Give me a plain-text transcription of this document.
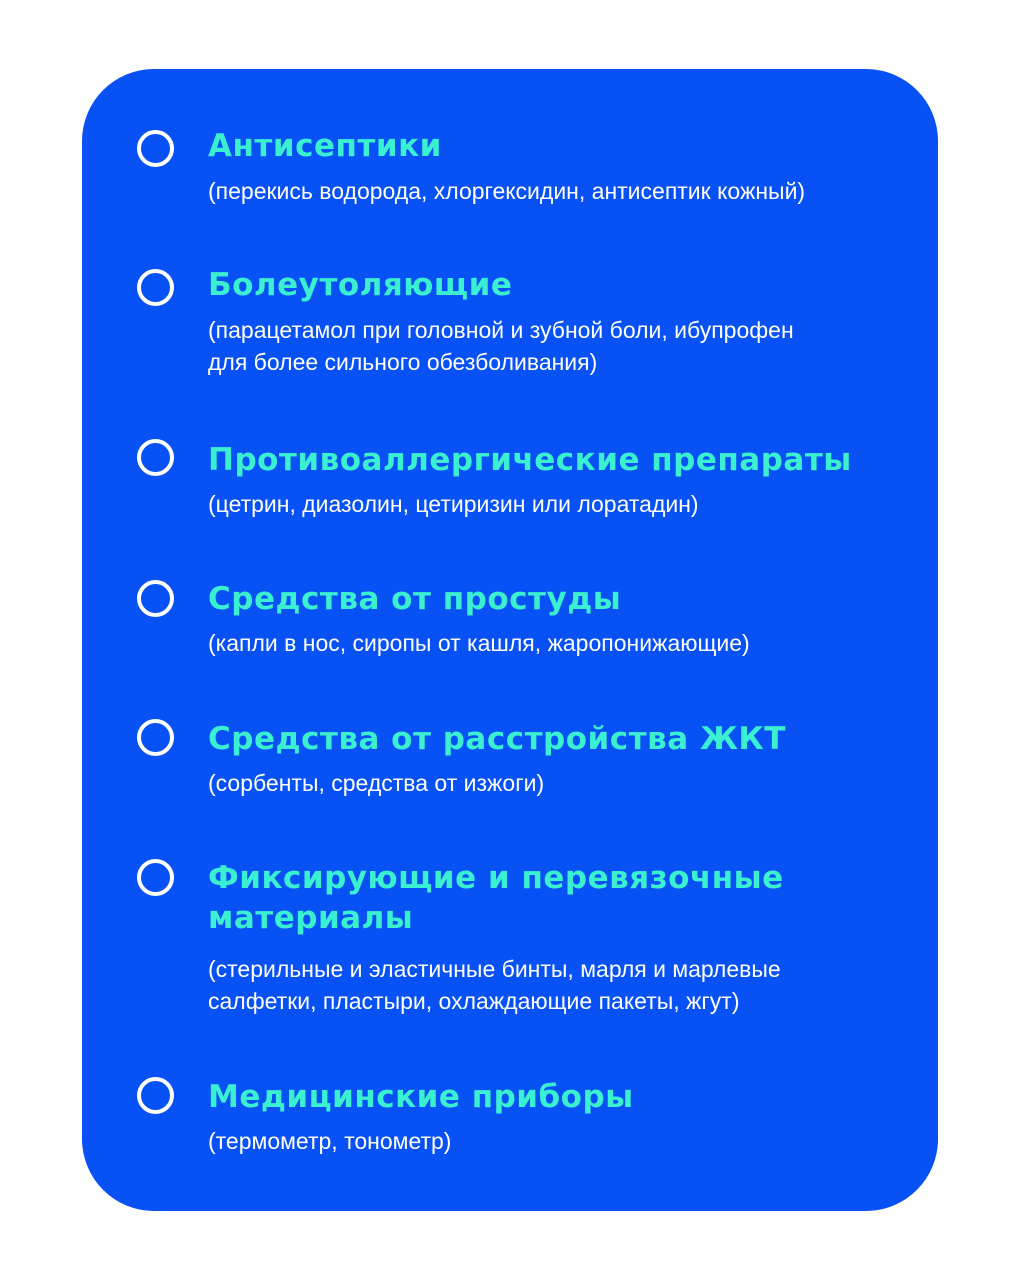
Антисептики
(перекись водорода, хлоргексидин, антисептик кожный)
Болеутоляющие
(парацетамол при головной и зубной боли, ибупрофен
для более сильного обезболивания)
Противоаллергические препараты
(цетрин, диазолин, цетиризин или лоратадин)
Средства от простуды
(капли в нос, сиропы от кашля, жаропонижающие)
Средства от расстройства ЖКТ
(сорбенты, средства от изжоги)
Фиксирующие и перевязочные
материалы
(стерильные и эластичные бинты, марля и марлевые
салфетки, пластыри, охлаждающие пакеты, жгут)
Медицинские приборы
(термометр, тонометр)
